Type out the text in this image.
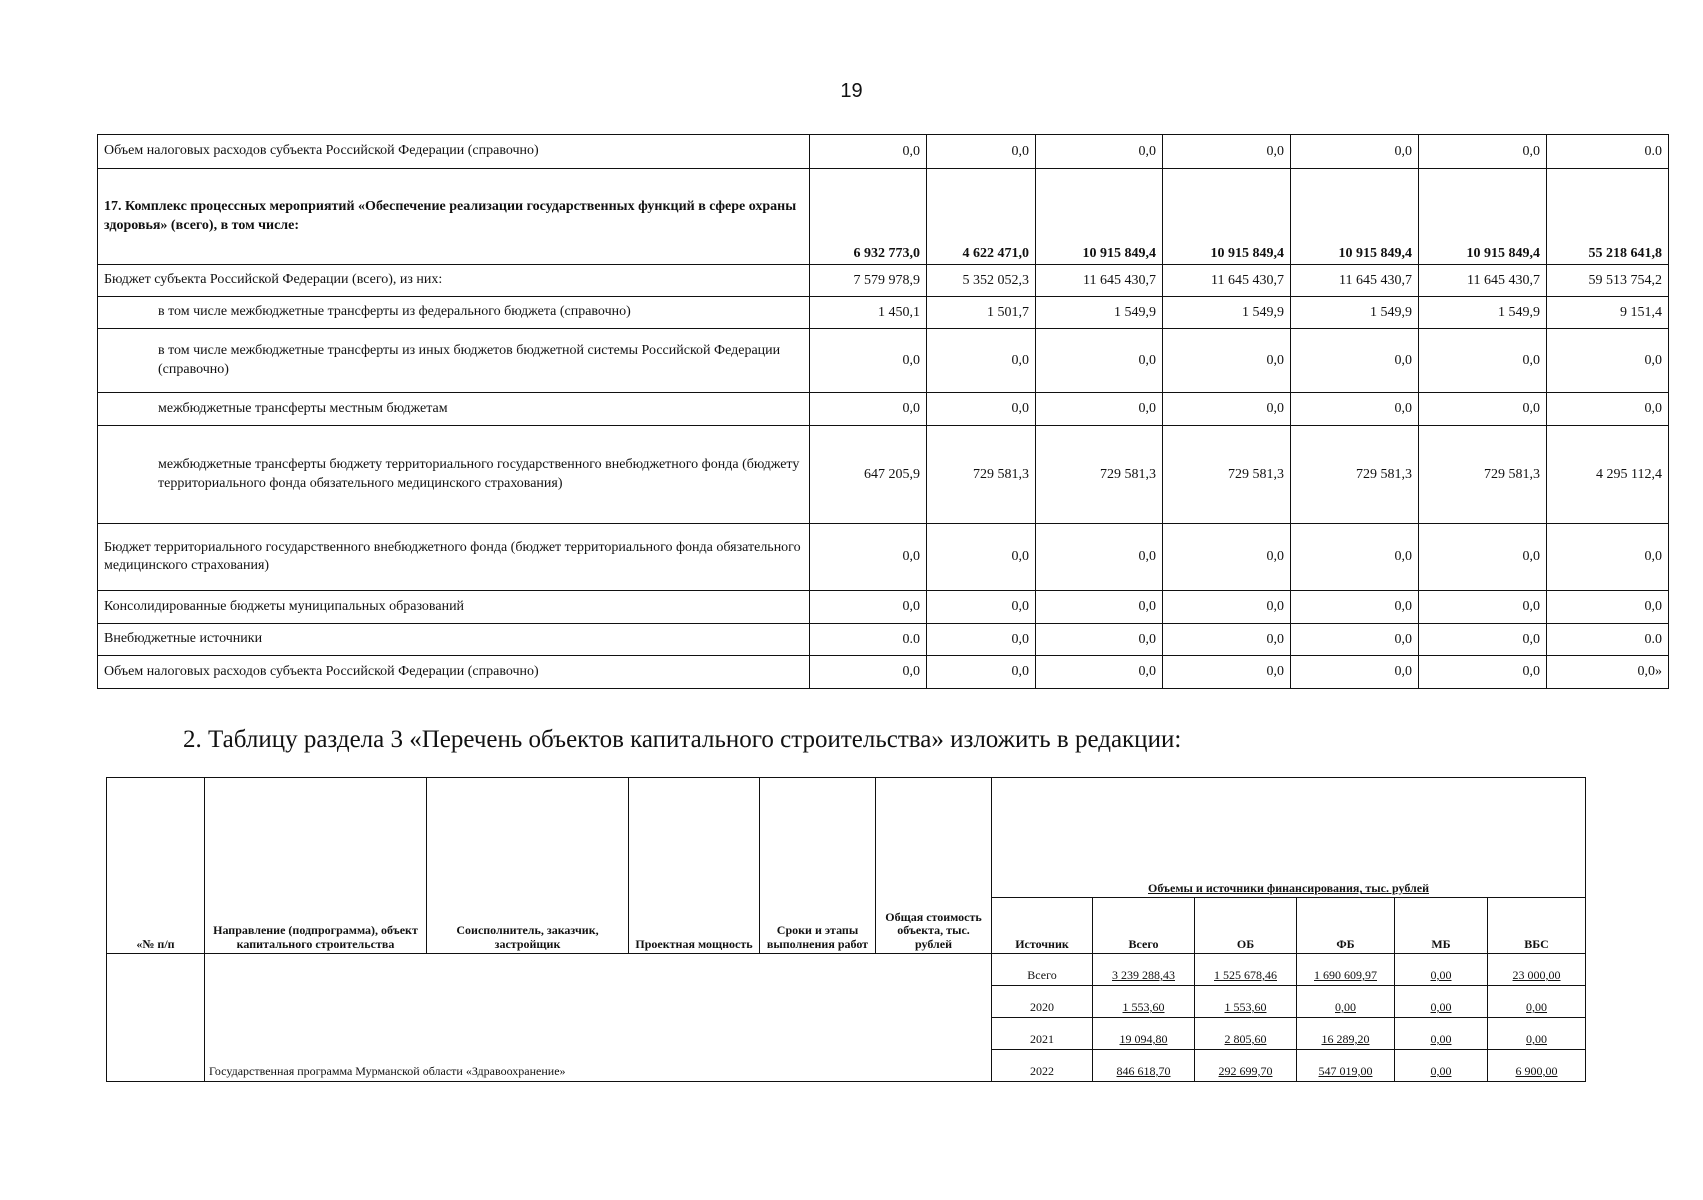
19
Объем налоговых расходов субъекта Российской Федерации (справочно)	0,0	0,0	0,0	0,0	0,0	0,0	0.0
17. Комплекс процессных мероприятий «Обеспечение реализации государственных функций в сфере охраны здоровья» (всего), в том числе:	6 932 773,0	4 622 471,0	10 915 849,4	10 915 849,4	10 915 849,4	10 915 849,4	55 218 641,8
Бюджет субъекта Российской Федерации (всего), из них:	7 579 978,9	5 352 052,3	11 645 430,7	11 645 430,7	11 645 430,7	11 645 430,7	59 513 754,2
в том числе межбюджетные трансферты из федерального бюджета (справочно)	1 450,1	1 501,7	1 549,9	1 549,9	1 549,9	1 549,9	9 151,4
в том числе межбюджетные трансферты из иных бюджетов бюджетной системы Российской Федерации (справочно)	0,0	0,0	0,0	0,0	0,0	0,0	0,0
межбюджетные трансферты местным бюджетам	0,0	0,0	0,0	0,0	0,0	0,0	0,0
межбюджетные трансферты бюджету территориального государственного внебюджетного фонда (бюджету территориального фонда обязательного медицинского страхования)	647 205,9	729 581,3	729 581,3	729 581,3	729 581,3	729 581,3	4 295 112,4
Бюджет территориального государственного внебюджетного фонда (бюджет территориального фонда обязательного медицинского страхования)	0,0	0,0	0,0	0,0	0,0	0,0	0,0
Консолидированные бюджеты муниципальных образований	0,0	0,0	0,0	0,0	0,0	0,0	0,0
Внебюджетные источники	0.0	0,0	0,0	0,0	0,0	0,0	0.0
Объем налоговых расходов субъекта Российской Федерации (справочно)	0,0	0,0	0,0	0,0	0,0	0,0	0,0»
2. Таблицу раздела 3 «Перечень объектов капитального строительства» изложить в редакции:
«№ п/п	Направление (подпрограмма), объект капитального строительства	Соисполнитель, заказчик, застройщик	Проектная мощность	Сроки и этапы выполнения работ	Общая стоимость объекта, тыс. рублей	Объемы и источники финансирования, тыс. рублей					
						Источник	Всего	ОБ	ФБ	МБ	ВБС
	Государственная программа Мурманской области «Здравоохранение»					Всего	3 239 288,43	1 525 678,46	1 690 609,97	0,00	23 000,00
						2020	1 553,60	1 553,60	0,00	0,00	0,00
						2021	19 094,80	2 805,60	16 289,20	0,00	0,00
						2022	846 618,70	292 699,70	547 019,00	0,00	6 900,00
